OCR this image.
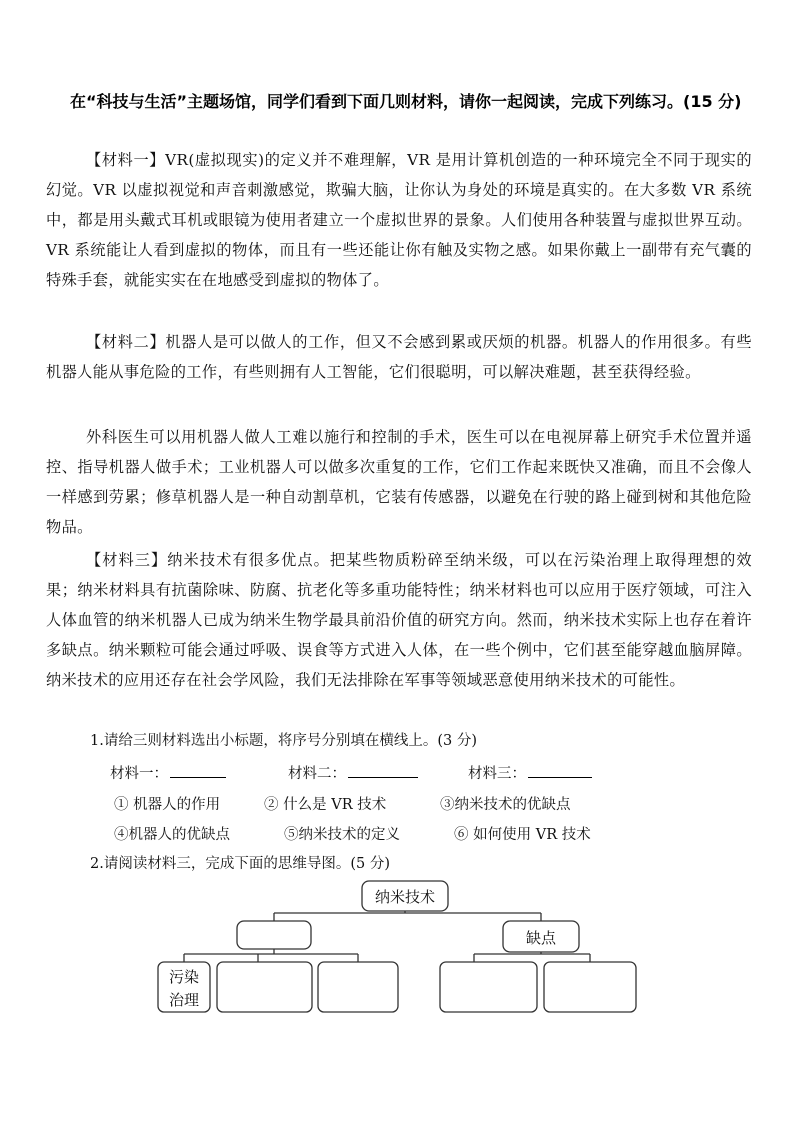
在“科技与生活”主题场馆，同学们看到下面几则材料，请你一起阅读，完成下列练习。(15 分)
【材料一】VR(虚拟现实)的定义并不难理解，VR 是用计算机创造的一种环境完全不同于现实的幻觉。VR 以虚拟视觉和声音刺激感觉，欺骗大脑，让你认为身处的环境是真实的。在大多数 VR 系统中，都是用头戴式耳机或眼镜为使用者建立一个虚拟世界的景象。人们使用各种装置与虚拟世界互动。VR 系统能让人看到虚拟的物体，而且有一些还能让你有触及实物之感。如果你戴上一副带有充气囊的特殊手套，就能实实在在地感受到虚拟的物体了。
【材料二】机器人是可以做人的工作，但又不会感到累或厌烦的机器。机器人的作用很多。有些机器人能从事危险的工作，有些则拥有人工智能，它们很聪明，可以解决难题，甚至获得经验。
外科医生可以用机器人做人工难以施行和控制的手术，医生可以在电视屏幕上研究手术位置并遥控、指导机器人做手术；工业机器人可以做多次重复的工作，它们工作起来既快又准确，而且不会像人一样感到劳累；修草机器人是一种自动割草机，它装有传感器，以避免在行驶的路上碰到树和其他危险物品。
【材料三】纳米技术有很多优点。把某些物质粉碎至纳米级，可以在污染治理上取得理想的效果；纳米材料具有抗菌除味、防腐、抗老化等多重功能特性；纳米材料也可以应用于医疗领域，可注入人体血管的纳米机器人已成为纳米生物学最具前沿价值的研究方向。然而，纳米技术实际上也存在着许多缺点。纳米颗粒可能会通过呼吸、误食等方式进入人体，在一些个例中，它们甚至能穿越血脑屏障。纳米技术的应用还存在社会学风险，我们无法排除在军事等领域恶意使用纳米技术的可能性。
1.请给三则材料选出小标题，将序号分别填在横线上。(3 分)
材料一：	材料二：	材料三：
① 机器人的作用	② 什么是 VR 技术	③纳米技术的优缺点
④机器人的优缺点	⑤纳米技术的定义	⑥ 如何使用 VR 技术
2.请阅读材料三，完成下面的思维导图。(5 分)
纳米技术
缺点
污染
治理
